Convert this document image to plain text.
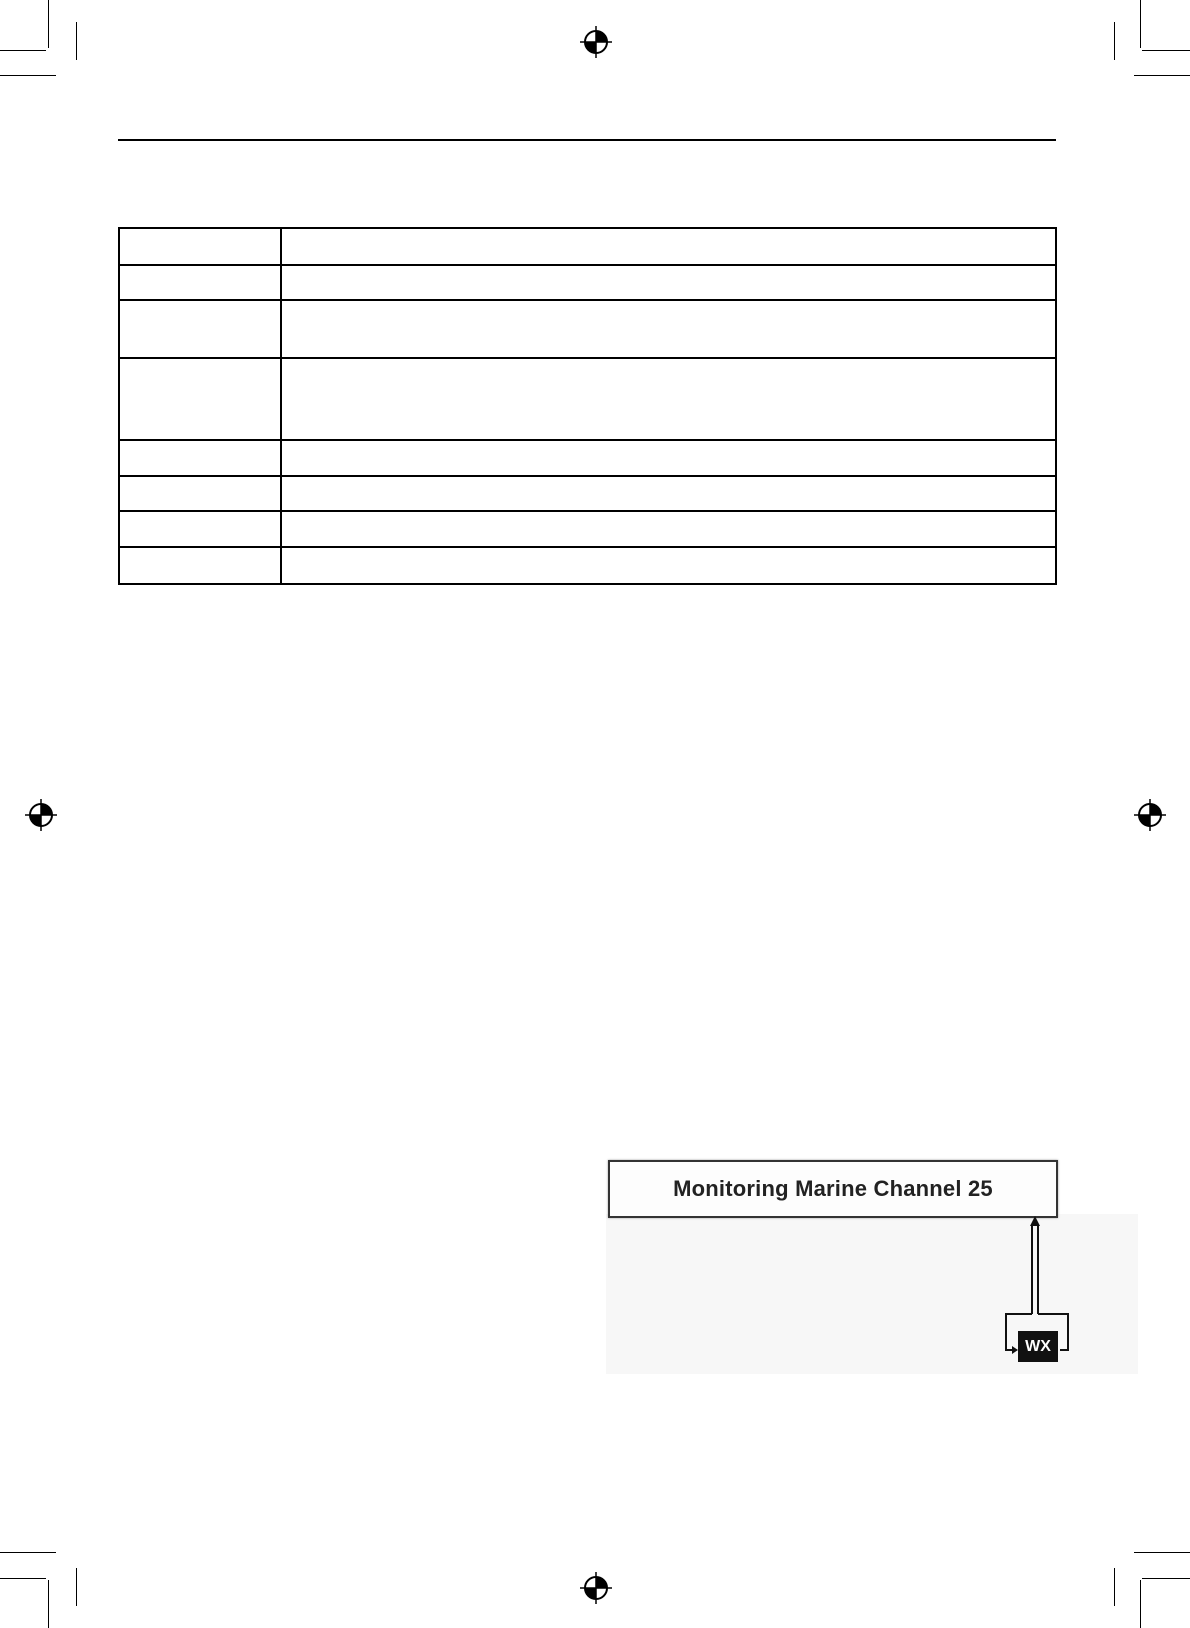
Monitoring Marine Channel 25
WX
